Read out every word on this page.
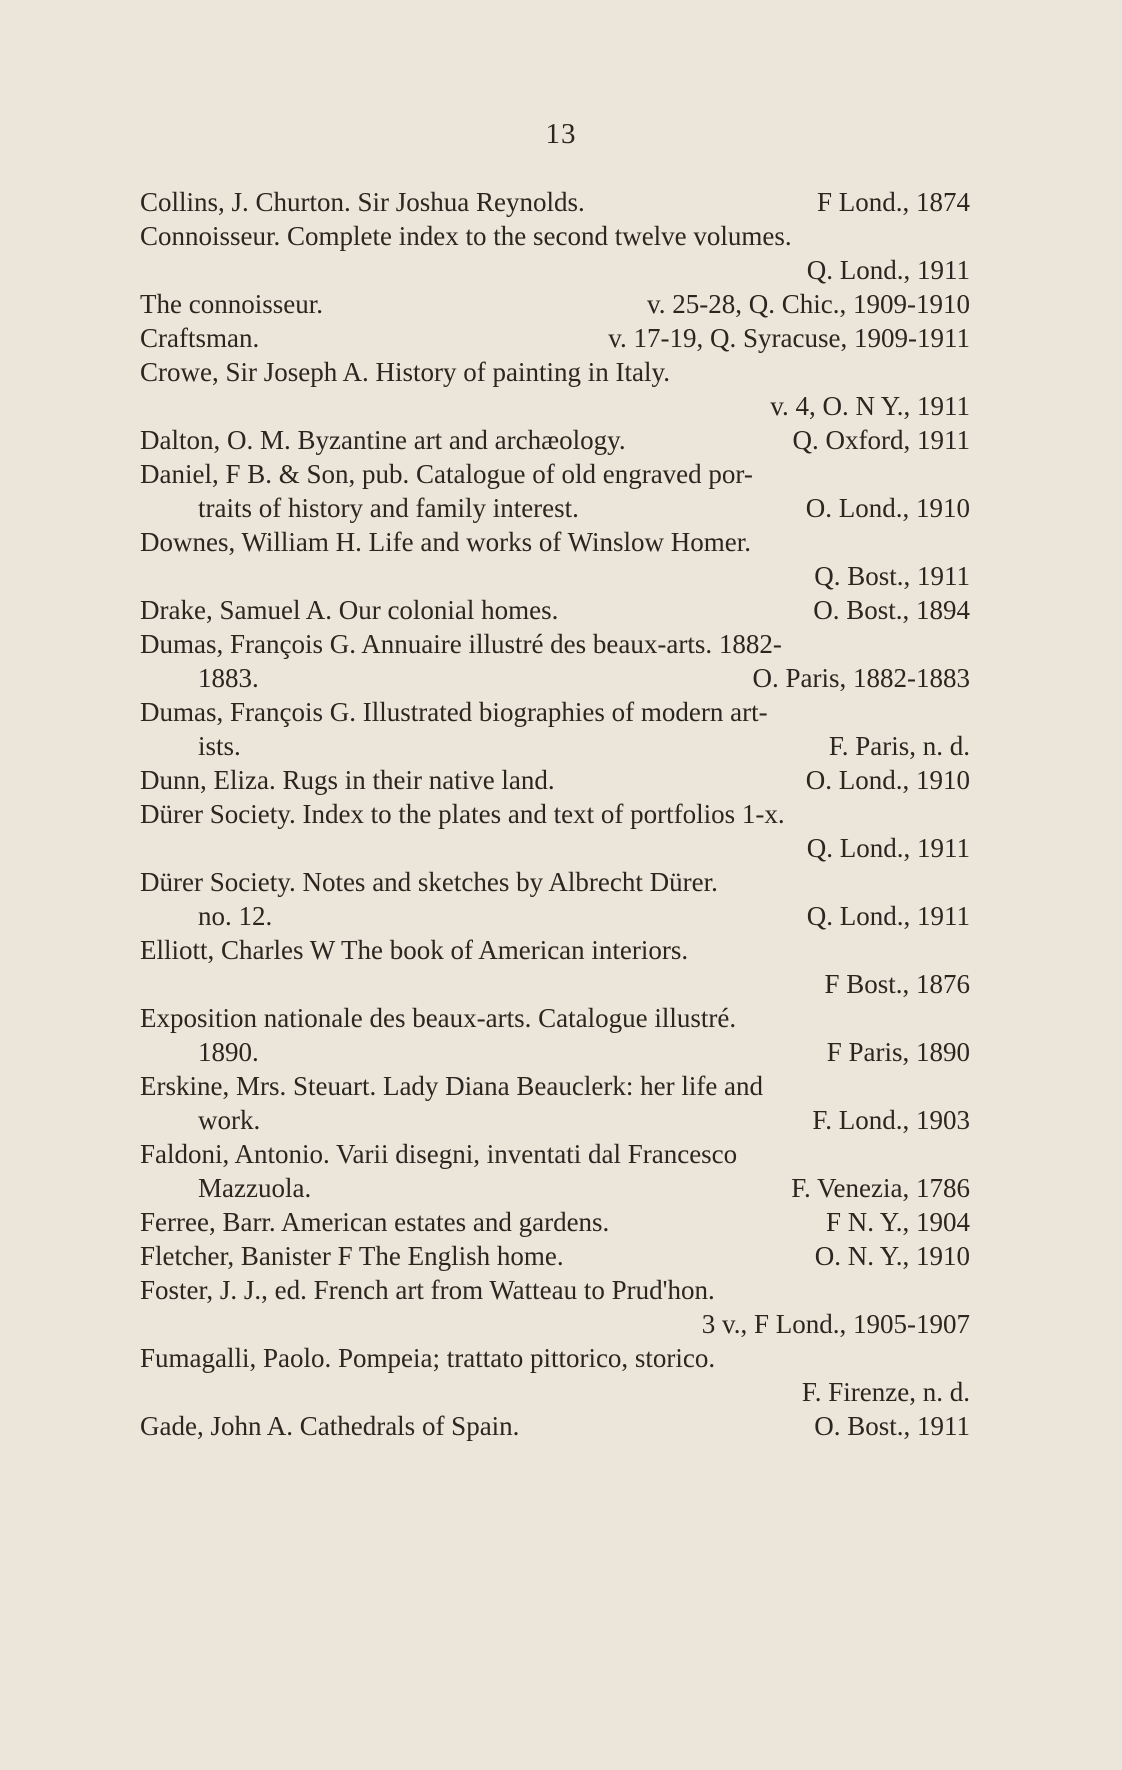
13
Collins, J. Churton. Sir Joshua Reynolds.	F Lond., 1874
Connoisseur. Complete index to the second twelve volumes.
Q. Lond., 1911
The connoisseur.	v. 25-28, Q. Chic., 1909-1910
Craftsman.	v. 17-19, Q. Syracuse, 1909-1911
Crowe, Sir Joseph A. History of painting in Italy.
v. 4, O. N Y., 1911
Dalton, O. M. Byzantine art and archæology.	Q. Oxford, 1911
Daniel, F B. & Son, pub. Catalogue of old engraved por-
traits of history and family interest.	O. Lond., 1910
Downes, William H. Life and works of Winslow Homer.
Q. Bost., 1911
Drake, Samuel A. Our colonial homes.	O. Bost., 1894
Dumas, François G. Annuaire illustré des beaux-arts. 1882-
1883.	O. Paris, 1882-1883
Dumas, François G. Illustrated biographies of modern art-
ists.	F. Paris, n. d.
Dunn, Eliza. Rugs in their native land.	O. Lond., 1910
Dürer Society. Index to the plates and text of portfolios 1-x.
Q. Lond., 1911
Dürer Society. Notes and sketches by Albrecht Dürer.
no. 12.	Q. Lond., 1911
Elliott, Charles W The book of American interiors.
F Bost., 1876
Exposition nationale des beaux-arts. Catalogue illustré.
1890.	F Paris, 1890
Erskine, Mrs. Steuart. Lady Diana Beauclerk: her life and
work.	F. Lond., 1903
Faldoni, Antonio. Varii disegni, inventati dal Francesco
Mazzuola.	F. Venezia, 1786
Ferree, Barr. American estates and gardens.	F N. Y., 1904
Fletcher, Banister F The English home.	O. N. Y., 1910
Foster, J. J., ed. French art from Watteau to Prud'hon.
3 v., F Lond., 1905-1907
Fumagalli, Paolo. Pompeia; trattato pittorico, storico.
F. Firenze, n. d.
Gade, John A. Cathedrals of Spain.	O. Bost., 1911
